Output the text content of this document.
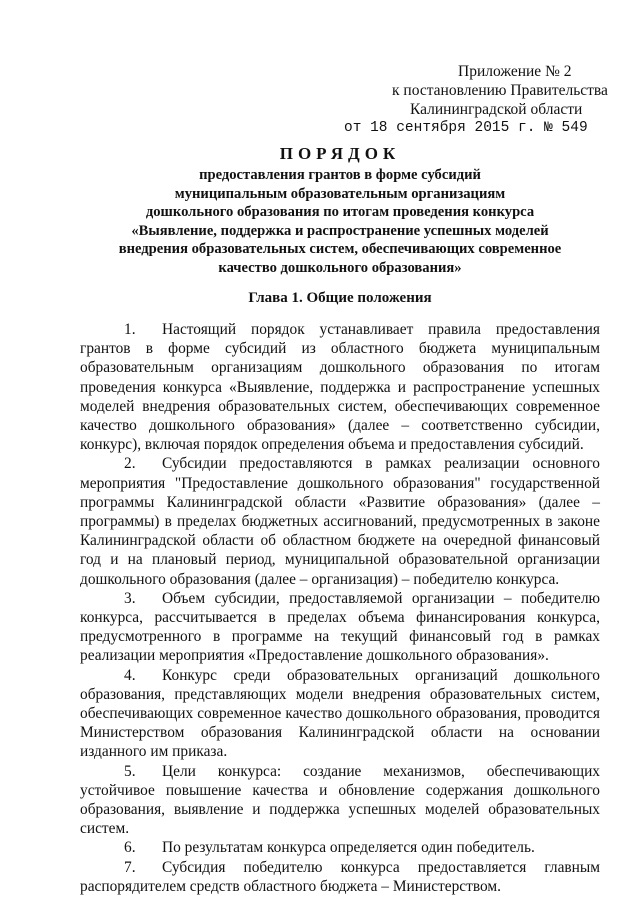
Приложение № 2
к постановлению Правительства
Калининградской области
от 18 сентября 2015 г. № 549
ПОРЯДОК
предоставления грантов в форме субсидий
муниципальным образовательным организациям
дошкольного образования по итогам проведения конкурса
«Выявление, поддержка и распространение успешных моделей
внедрения образовательных систем, обеспечивающих современное
качество дошкольного образования»
Глава 1. Общие положения

1. Настоящий порядок устанавливает правила предоставления грантов в форме субсидий из областного бюджета муниципальным образовательным организациям дошкольного образования по итогам проведения конкурса «Выявление, поддержка и распространение успешных моделей внедрения образовательных систем, обеспечивающих современное качество дошкольного образования» (далее – соответственно субсидии, конкурс), включая порядок определения объема и предоставления субсидий.

2. Субсидии предоставляются в рамках реализации основного мероприятия "Предоставление дошкольного образования" государственной программы Калининградской области «Развитие образования» (далее – программы) в пределах бюджетных ассигнований, предусмотренных в законе Калининградской области об областном бюджете на очередной финансовый год и на плановый период, муниципальной образовательной организации дошкольного образования (далее – организация) – победителю конкурса.

3. Объем субсидии, предоставляемой организации – победителю конкурса, рассчитывается в пределах объема финансирования конкурса, предусмотренного в программе на текущий финансовый год в рамках реализации мероприятия «Предоставление дошкольного образования».

4. Конкурс среди образовательных организаций дошкольного образования, представляющих модели внедрения образовательных систем, обеспечивающих современное качество дошкольного образования, проводится Министерством образования Калининградской области на основании изданного им приказа.

5. Цели конкурса: создание механизмов, обеспечивающих устойчивое повышение качества и обновление содержания дошкольного образования, выявление и поддержка успешных моделей образовательных систем.

6. По результатам конкурса определяется один победитель.

7. Субсидия победителю конкурса предоставляется главным распорядителем средств областного бюджета – Министерством.
